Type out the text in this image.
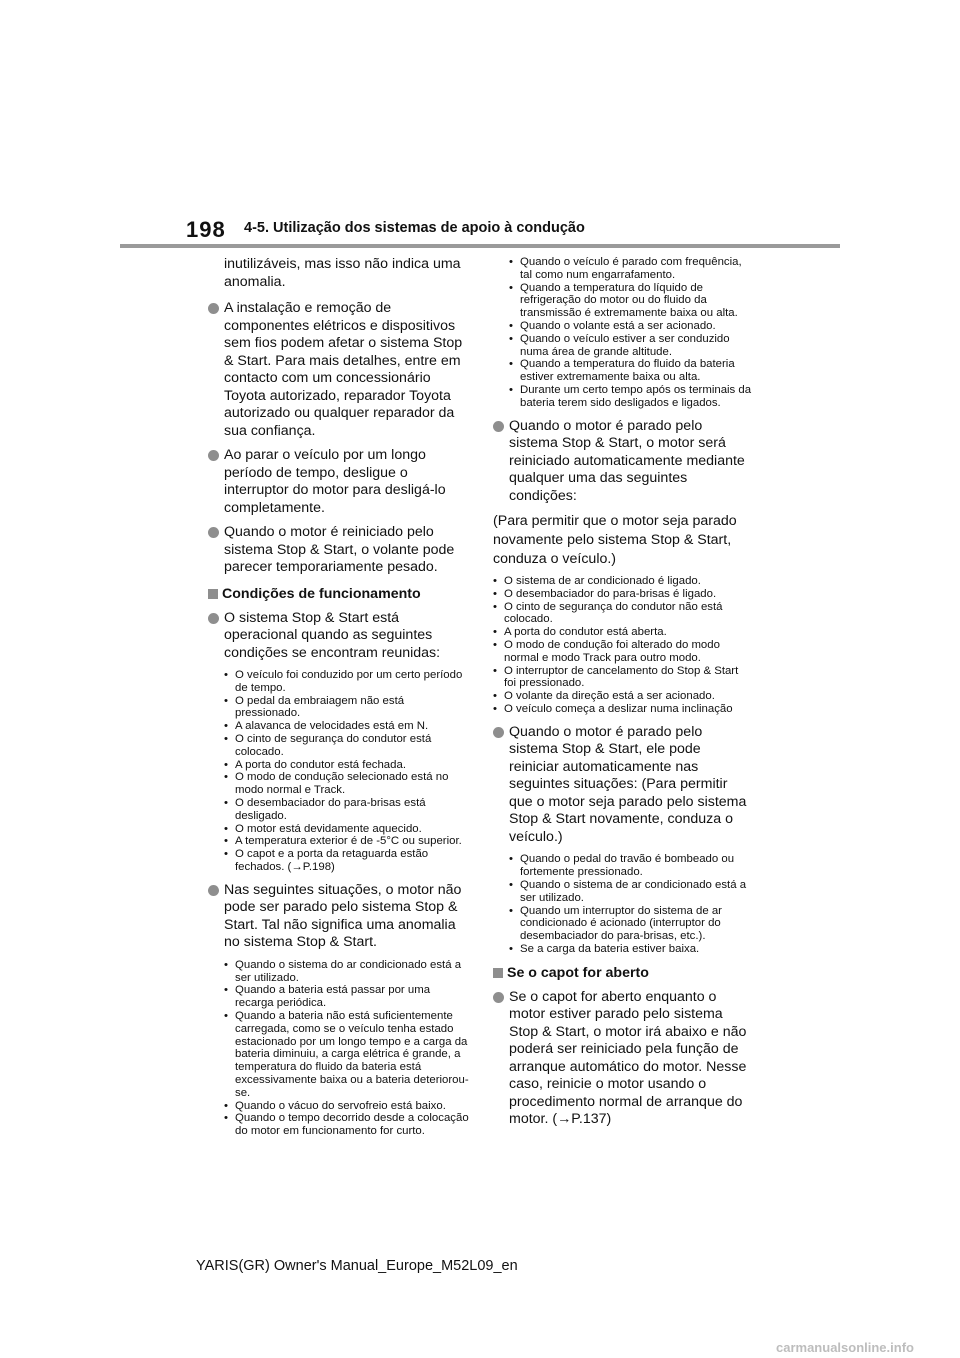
198 4-5. Utilização dos sistemas de apoio à condução

inutilizáveis, mas isso não indica uma anomalia.

A instalação e remoção de componentes elétricos e dispositivos sem fios podem afetar o sistema Stop & Start. Para mais detalhes, entre em contacto com um concessionário Toyota autorizado, reparador Toyota autorizado ou qualquer reparador da sua confiança.

Ao parar o veículo por um longo período de tempo, desligue o interruptor do motor para desligá-lo completamente.

Quando o motor é reiniciado pelo sistema Stop & Start, o volante pode parecer temporariamente pesado.

Condições de funcionamento

O sistema Stop & Start está operacional quando as seguintes condições se encontram reunidas:

• O veículo foi conduzido por um certo período de tempo.
• O pedal da embraiagem não está pressionado.
• A alavanca de velocidades está em N.
• O cinto de segurança do condutor está colocado.
• A porta do condutor está fechada.
• O modo de condução selecionado está no modo normal e Track.
• O desembaciador do para-brisas está desligado.
• O motor está devidamente aquecido.
• A temperatura exterior é de -5°C ou superior.
• O capot e a porta da retaguarda estão fechados. (→P.198)

Nas seguintes situações, o motor não pode ser parado pelo sistema Stop & Start. Tal não significa uma anomalia no sistema Stop & Start.

• Quando o sistema do ar condicionado está a ser utilizado.
• Quando a bateria está passar por uma recarga periódica.
• Quando a bateria não está suficientemente carregada, como se o veículo tenha estado estacionado por um longo tempo e a carga da bateria diminuiu, a carga elétrica é grande, a temperatura do fluido da bateria está excessivamente baixa ou a bateria deteriorou-se.
• Quando o vácuo do servofreio está baixo.
• Quando o tempo decorrido desde a colocação do motor em funcionamento for curto.
• Quando o veículo é parado com frequência, tal como num engarrafamento.
• Quando a temperatura do líquido de refrigeração do motor ou do fluido da transmissão é extremamente baixa ou alta.
• Quando o volante está a ser acionado.
• Quando o veículo estiver a ser conduzido numa área de grande altitude.
• Quando a temperatura do fluido da bateria estiver extremamente baixa ou alta.
• Durante um certo tempo após os terminais da bateria terem sido desligados e ligados.

Quando o motor é parado pelo sistema Stop & Start, o motor será reiniciado automaticamente mediante qualquer uma das seguintes condições:

(Para permitir que o motor seja parado novamente pelo sistema Stop & Start, conduza o veículo.)

• O sistema de ar condicionado é ligado.
• O desembaciador do para-brisas é ligado.
• O cinto de segurança do condutor não está colocado.
• A porta do condutor está aberta.
• O modo de condução foi alterado do modo normal e modo Track para outro modo.
• O interruptor de cancelamento do Stop & Start foi pressionado.
• O volante da direção está a ser acionado.
• O veículo começa a deslizar numa inclinação

Quando o motor é parado pelo sistema Stop & Start, ele pode reiniciar automaticamente nas seguintes situações: (Para permitir que o motor seja parado pelo sistema Stop & Start novamente, conduza o veículo.)

• Quando o pedal do travão é bombeado ou fortemente pressionado.
• Quando o sistema de ar condicionado está a ser utilizado.
• Quando um interruptor do sistema de ar condicionado é acionado (interruptor do desembaciador do para-brisas, etc.).
• Se a carga da bateria estiver baixa.
Se o capot for aberto

Se o capot for aberto enquanto o motor estiver parado pelo sistema Stop & Start, o motor irá abaixo e não poderá ser reiniciado pela função de arranque automático do motor. Nesse caso, reinicie o motor usando o procedimento normal de arranque do motor. (→P.137)

YARIS(GR) Owner's Manual_Europe_M52L09_en
carmanualsonline.info
